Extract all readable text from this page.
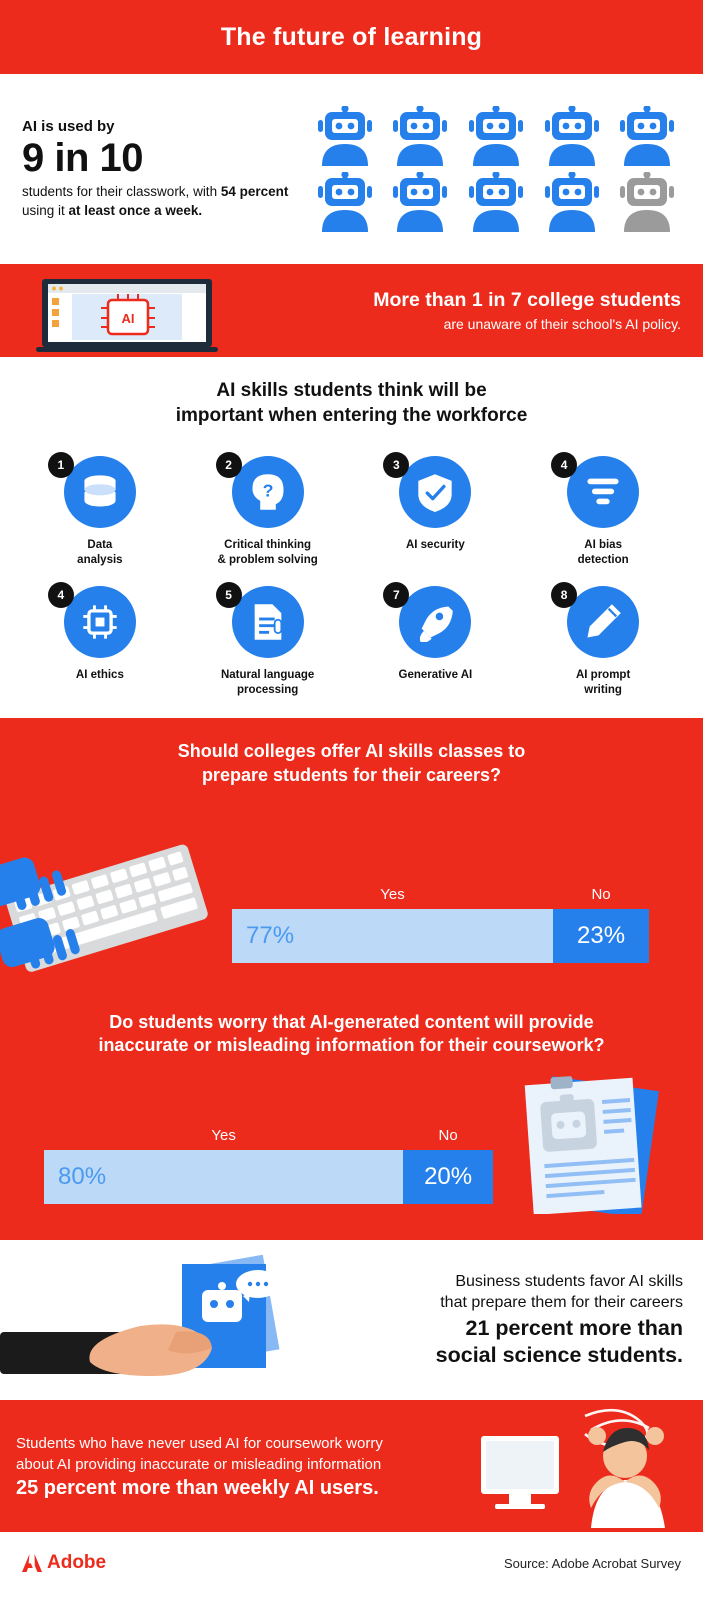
The future of learning
AI is used by
9 in 10
students for their classwork, with 54 percent using it at least once a week.
AI
More than 1 in 7 college students
are unaware of their school's AI policy.
AI skills students think will be
important when entering the workforce
1
Data
analysis
2
?
Critical thinking
& problem solving
3
AI security
4
AI bias
detection
4
AI ethics
5
Natural language
processing
7
Generative AI
8
AI prompt
writing
Should colleges offer AI skills classes to
prepare students for their careers?
Yes	No
77%	23%
Do students worry that AI-generated content will provide
inaccurate or misleading information for their coursework?
Yes	No
80%	20%
Business students favor AI skills
that prepare them for their careers
21 percent more than
social science students.
Students who have never used AI for coursework worry
about AI providing inaccurate or misleading information
25 percent more than weekly AI users.
Adobe	Source: Adobe Acrobat Survey
